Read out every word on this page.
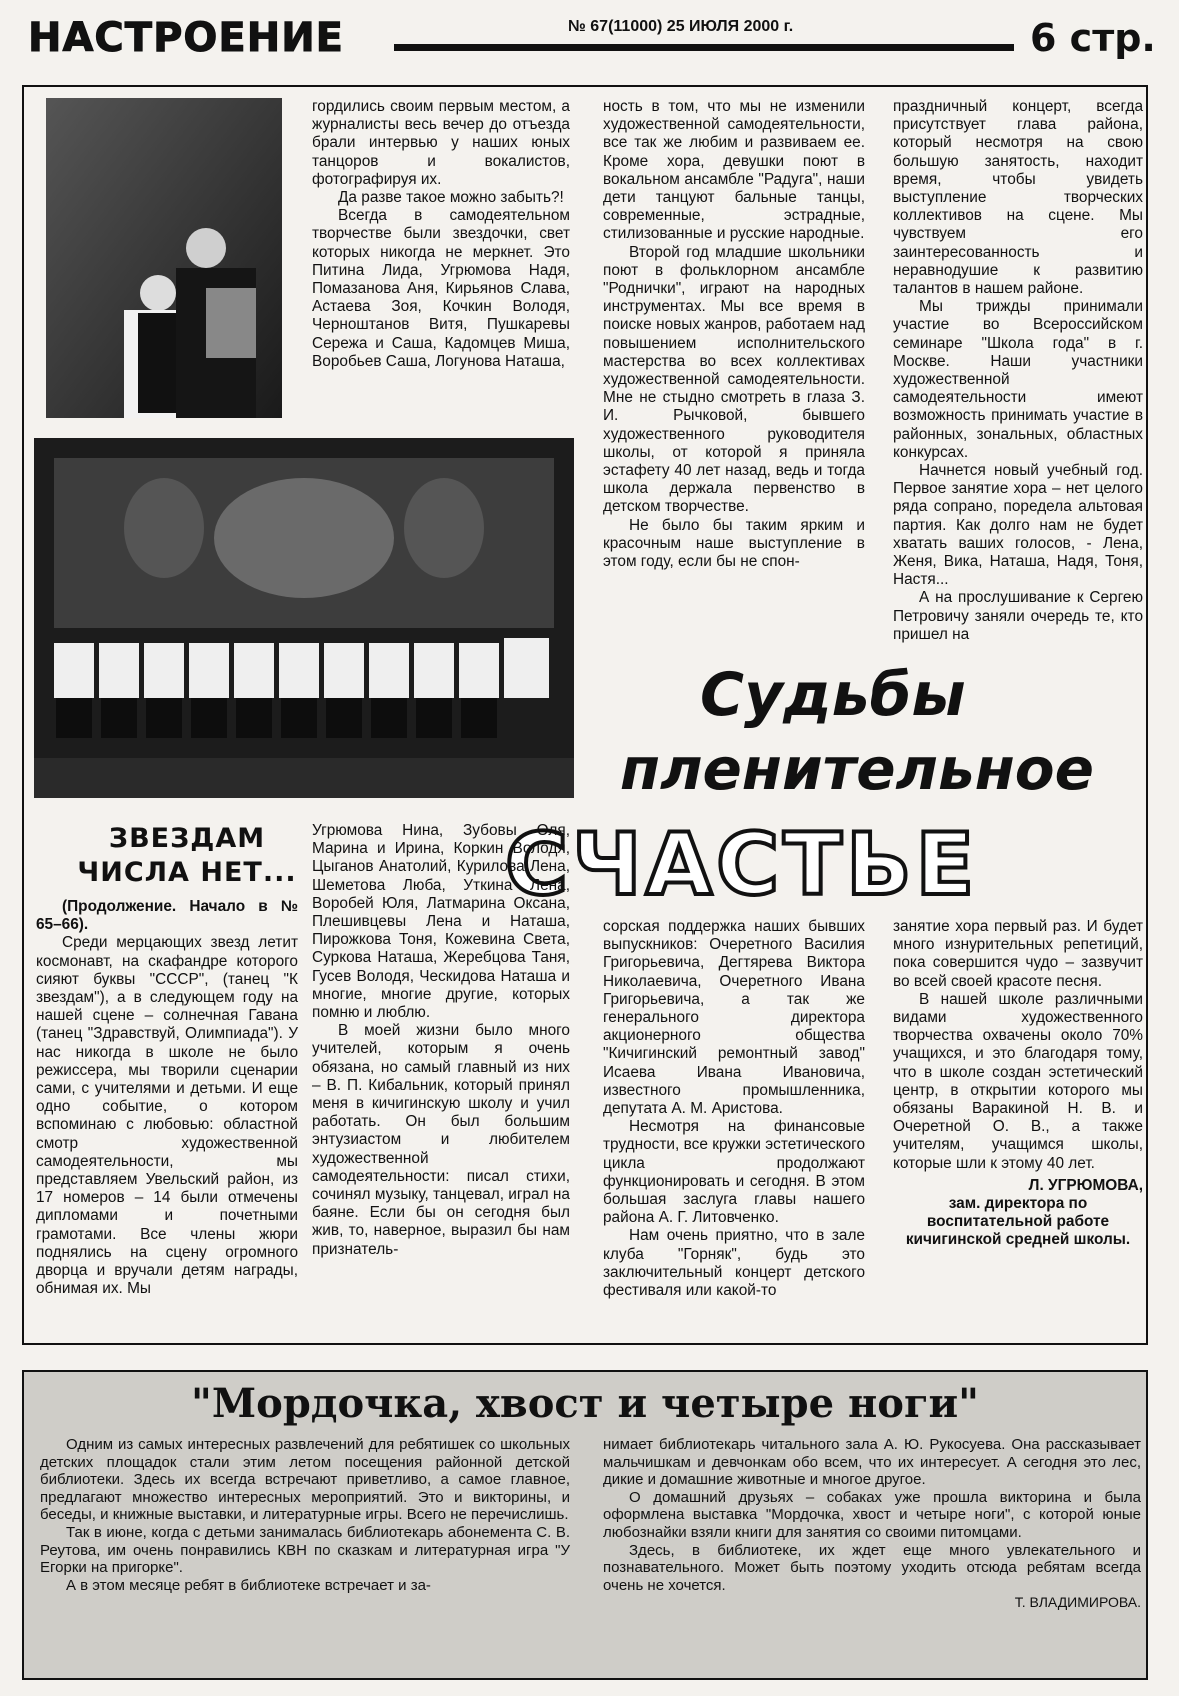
НАСТРОЕНИЕ	№ 67(11000) 25 ИЮЛЯ 2000 г.	6 стр.

гордились своим первым местом, а журналисты весь вечер до отъезда брали интервью у наших юных танцоров и вокалистов, фотографируя их.

Да разве такое можно забыть?!

Всегда в самодеятельном творчестве были звездочки, свет которых никогда не меркнет. Это Питина Лида, Угрюмова Надя, Помазанова Аня, Кирьянов Слава, Астаева Зоя, Кочкин Володя, Черноштанов Витя, Пушкаревы Сережа и Саша, Кадомцев Миша, Воробьев Саша, Логунова Наташа,

ность в том, что мы не изменили художественной самодеятельности, все так же любим и развиваем ее. Кроме хора, девушки поют в вокальном ансамбле "Радуга", наши дети танцуют бальные танцы, современные, эстрадные, стилизованные и русские народные.

Второй год младшие школьники поют в фольклорном ансамбле "Роднички", играют на народных инструментах. Мы все время в поиске новых жанров, работаем над повышением исполнительского мастерства во всех коллективах художественной самодеятельности. Мне не стыдно смотреть в глаза З. И. Рычковой, бывшего художественного руководителя школы, от которой я приняла эстафету 40 лет назад, ведь и тогда школа держала первенство в детском творчестве.

Не было бы таким ярким и красочным наше выступление в этом году, если бы не спон-

праздничный концерт, всегда присутствует глава района, который несмотря на свою большую занятость, находит время, чтобы увидеть выступление творческих коллективов на сцене. Мы чувствуем его заинтересованность и неравнодушие к развитию талантов в нашем районе.

Мы трижды принимали участие во Всероссийском семинаре "Школа года" в г. Москве. Наши участники художественной самодеятельности имеют возможность принимать участие в районных, зональных, областных конкурсах.

Начнется новый учебный год. Первое занятие хора – нет целого ряда сопрано, поредела альтовая партия. Как долго нам не будет хватать ваших голосов, - Лена, Женя, Вика, Наташа, Надя, Тоня, Настя...

А на прослушивание к Сергею Петровичу заняли очередь те, кто пришел на

Судьбы
пленительное
СЧАСТЬЕ
ЗВЕЗДАМ
ЧИСЛА НЕТ...

(Продолжение. Начало в № 65–66).

Среди мерцающих звезд летит космонавт, на скафандре которого сияют буквы "СССР", (танец "К звездам"), а в следующем году на нашей сцене – солнечная Гавана (танец "Здравствуй, Олимпиада"). У нас никогда в школе не было режиссера, мы творили сценарии сами, с учителями и детьми. И еще одно событие, о котором вспоминаю с любовью: областной смотр художественной самодеятельности, мы представляем Увельский район, из 17 номеров – 14 были отмечены дипломами и почетными грамотами. Все члены жюри поднялись на сцену огромного дворца и вручали детям награды, обнимая их. Мы

Угрюмова Нина, Зубовы Оля, Марина и Ирина, Коркин Володя, Цыганов Анатолий, Курилова Лена, Шеметова Люба, Уткина Лена, Воробей Юля, Латмарина Оксана, Плешивцевы Лена и Наташа, Пирожкова Тоня, Кожевина Света, Суркова Наташа, Жеребцова Таня, Гусев Володя, Ческидова Наташа и многие, многие другие, которых помню и люблю.

В моей жизни было много учителей, которым я очень обязана, но самый главный из них – В. П. Кибальник, который принял меня в кичигинскую школу и учил работать. Он был большим энтузиастом и любителем художественной самодеятельности: писал стихи, сочинял музыку, танцевал, играл на баяне. Если бы он сегодня был жив, то, наверное, выразил бы нам признатель-

сорская поддержка наших бывших выпускников: Очеретного Василия Григорьевича, Дегтярева Виктора Николаевича, Очеретного Ивана Григорьевича, а так же генерального директора акционерного общества "Кичигинский ремонтный завод" Исаева Ивана Ивановича, известного промышленника, депутата А. М. Аристова.

Несмотря на финансовые трудности, все кружки эстетического цикла продолжают функционировать и сегодня. В этом большая заслуга главы нашего района А. Г. Литовченко.

Нам очень приятно, что в зале клуба "Горняк", будь это заключительный концерт детского фестиваля или какой-то

занятие хора первый раз. И будет много изнурительных репетиций, пока совершится чудо – зазвучит во всей своей красоте песня.

В нашей школе различными видами художественного творчества охвачены около 70% учащихся, и это благодаря тому, что в школе создан эстетический центр, в открытии которого мы обязаны Варакиной Н. В. и Очеретной О. В., а также учителям, учащимся школы, которые шли к этому 40 лет.

Л. УГРЮМОВА,
зам. директора по воспитательной работе кичигинской средней школы.
"Мордочка, хвост и четыре ноги"

Одним из самых интересных развлечений для ребятишек со школьных детских площадок стали этим летом посещения районной детской библиотеки. Здесь их всегда встречают приветливо, а самое главное, предлагают множество интересных мероприятий. Это и викторины, и беседы, и книжные выставки, и литературные игры. Всего не перечислишь.

Так в июне, когда с детьми занималась библиотекарь абонемента С. В. Реутова, им очень понравились КВН по сказкам и литературная игра "У Егорки на пригорке".

А в этом месяце ребят в библиотеке встречает и за-

нимает библиотекарь читального зала А. Ю. Рукосуева. Она рассказывает мальчишкам и девчонкам обо всем, что их интересует. А сегодня это лес, дикие и домашние животные и многое другое.

О домашний друзьях – собаках уже прошла викторина и была оформлена выставка "Мордочка, хвост и четыре ноги", с которой юные любознайки взяли книги для занятия со своими питомцами.

Здесь, в библиотеке, их ждет еще много увлекательного и познавательного. Может быть поэтому уходить отсюда ребятам всегда очень не хочется.

Т. ВЛАДИМИРОВА.
